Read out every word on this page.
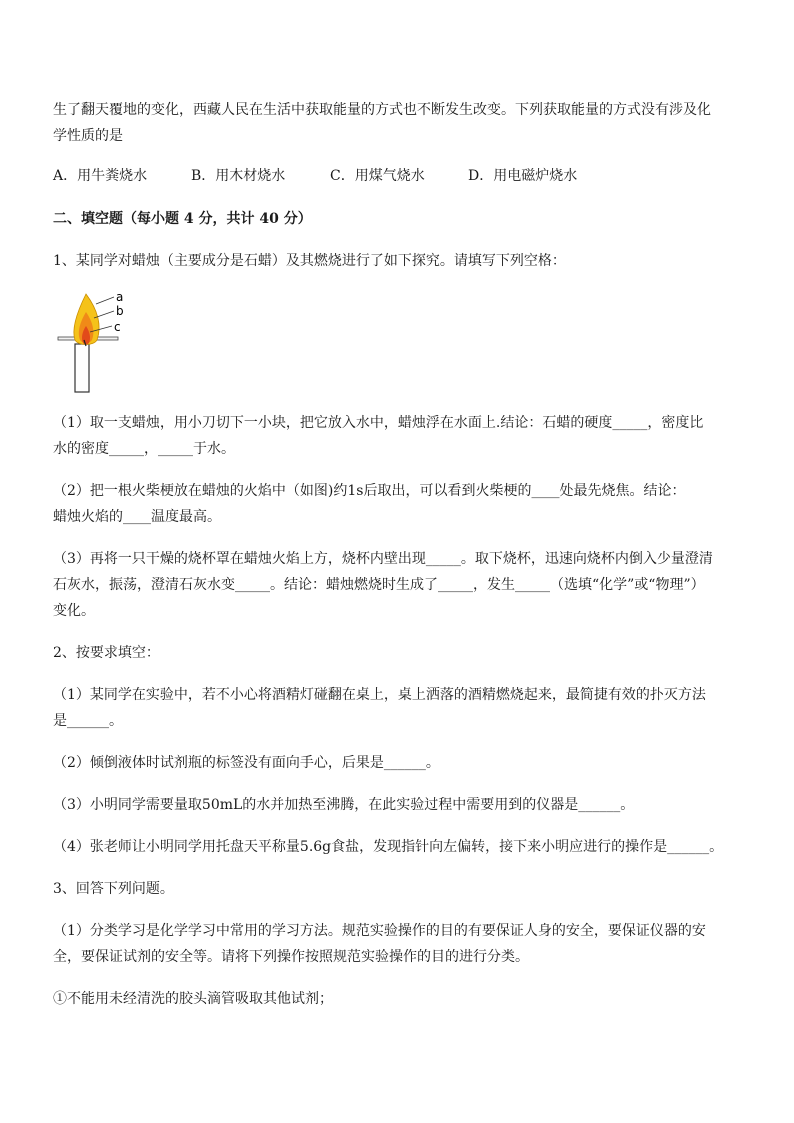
生了翻天覆地的变化，西藏人民在生活中获取能量的方式也不断发生改变。下列获取能量的方式没有涉及化
学性质的是
A．用牛粪烧水	B．用木材烧水	C．用煤气烧水	D．用电磁炉烧水
二、填空题（每小题 4 分，共计 40 分）
1、某同学对蜡烛（主要成分是石蜡）及其燃烧进行了如下探究。请填写下列空格：
a
b
c
（1）取一支蜡烛，用小刀切下一小块，把它放入水中，蜡烛浮在水面上.结论：石蜡的硬度_____，密度比
水的密度_____，_____于水。
（2）把一根火柴梗放在蜡烛的火焰中（如图)约1s后取出，可以看到火柴梗的____处最先烧焦。结论：
蜡烛火焰的____温度最高。
（3）再将一只干燥的烧杯罩在蜡烛火焰上方，烧杯内壁出现_____。取下烧杯，迅速向烧杯内倒入少量澄清
石灰水，振荡，澄清石灰水变_____。结论：蜡烛燃烧时生成了_____，发生_____（选填“化学”或“物理”）
变化。
2、按要求填空：
（1）某同学在实验中，若不小心将酒精灯碰翻在桌上，桌上洒落的酒精燃烧起来，最简捷有效的扑灭方法
是______。
（2）倾倒液体时试剂瓶的标签没有面向手心，后果是______。
（3）小明同学需要量取50mL的水并加热至沸腾，在此实验过程中需要用到的仪器是______。
（4）张老师让小明同学用托盘天平称量5.6g食盐，发现指针向左偏转，接下来小明应进行的操作是______。
3、回答下列问题。
（1）分类学习是化学学习中常用的学习方法。规范实验操作的目的有要保证人身的安全，要保证仪器的安
全，要保证试剂的安全等。请将下列操作按照规范实验操作的目的进行分类。
①不能用未经清洗的胶头滴管吸取其他试剂；
